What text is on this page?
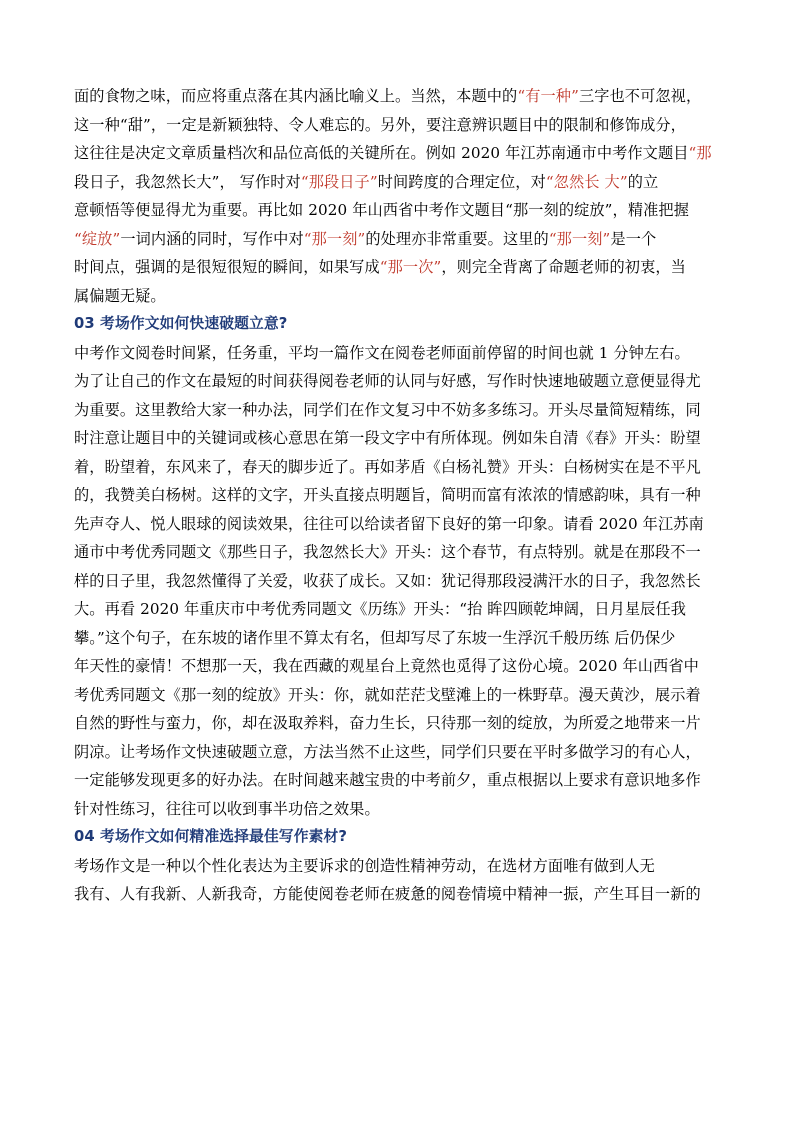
面的食物之味，而应将重点落在其内涵比喻义上。当然，本题中的“有一种”三字也不可忽视，
这一种“甜”，一定是新颖独特、令人难忘的。另外，要注意辨识题目中的限制和修饰成分，
这往往是决定文章质量档次和品位高低的关键所在。例如 2020 年江苏南通市中考作文题目“那
段日子，我忽然长大”， 写作时对“那段日子”时间跨度的合理定位，对“忽然长 大”的立
意顿悟等便显得尤为重要。再比如 2020 年山西省中考作文题目“那一刻的绽放”，精准把握
“绽放”一词内涵的同时，写作中对“那一刻”的处理亦非常重要。这里的“那一刻”是一个
时间点，强调的是很短很短的瞬间，如果写成“那一次”，则完全背离了命题老师的初衷，当
属偏题无疑。
03 考场作文如何快速破题立意?
中考作文阅卷时间紧，任务重，平均一篇作文在阅卷老师面前停留的时间也就 1 分钟左右。
为了让自己的作文在最短的时间获得阅卷老师的认同与好感，写作时快速地破题立意便显得尤
为重要。这里教给大家一种办法，同学们在作文复习中不妨多多练习。开头尽量简短精练，同
时注意让题目中的关键词或核心意思在第一段文字中有所体现。例如朱自清《春》开头：盼望
着，盼望着，东风来了，春天的脚步近了。再如茅盾《白杨礼赞》开头：白杨树实在是不平凡
的，我赞美白杨树。这样的文字，开头直接点明题旨，简明而富有浓浓的情感韵味，具有一种
先声夺人、悦人眼球的阅读效果，往往可以给读者留下良好的第一印象。请看 2020 年江苏南
通市中考优秀同题文《那些日子，我忽然长大》开头：这个春节，有点特别。就是在那段不一
样的日子里，我忽然懂得了关爱，收获了成长。又如：犹记得那段浸满汗水的日子，我忽然长
大。再看 2020 年重庆市中考优秀同题文《历练》开头：“抬 眸四顾乾坤阔，日月星辰任我
攀。”这个句子，在东坡的诸作里不算太有名，但却写尽了东坡一生浮沉千般历练 后仍保少
年天性的豪情！不想那一天，我在西藏的观星台上竟然也觅得了这份心境。2020 年山西省中
考优秀同题文《那一刻的绽放》开头：你，就如茫茫戈壁滩上的一株野草。漫天黄沙，展示着
自然的野性与蛮力，你，却在汲取养料，奋力生长，只待那一刻的绽放，为所爱之地带来一片
阴凉。让考场作文快速破题立意，方法当然不止这些，同学们只要在平时多做学习的有心人，
一定能够发现更多的好办法。在时间越来越宝贵的中考前夕，重点根据以上要求有意识地多作
针对性练习，往往可以收到事半功倍之效果。
04 考场作文如何精准选择最佳写作素材?
考场作文是一种以个性化表达为主要诉求的创造性精神劳动，在选材方面唯有做到人无
我有、人有我新、人新我奇，方能使阅卷老师在疲惫的阅卷情境中精神一振，产生耳目一新的
